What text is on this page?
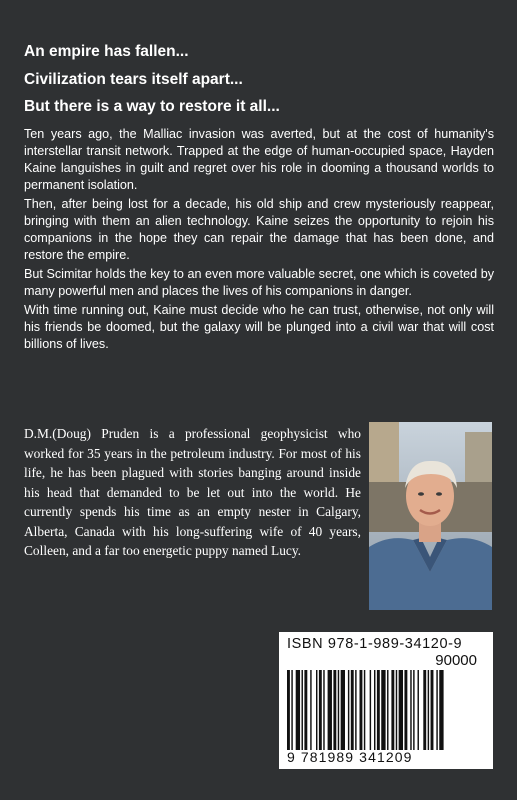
An empire has fallen...

Civilization tears itself apart...

But there is a way to restore it all...

Ten years ago, the Malliac invasion was averted, but at the cost of humanity's interstellar transit network. Trapped at the edge of human-occupied space, Hayden Kaine languishes in guilt and regret over his role in dooming a thousand worlds to permanent isolation.

Then, after being lost for a decade, his old ship and crew mysteriously reappear, bringing with them an alien technology. Kaine seizes the opportunity to rejoin his companions in the hope they can repair the damage that has been done, and restore the empire.

But Scimitar holds the key to an even more valuable secret, one which is coveted by many powerful men and places the lives of his companions in danger.

With time running out, Kaine must decide who he can trust, otherwise, not only will his friends be doomed, but the galaxy will be plunged into a civil war that will cost billions of lives.

D.M.(Doug) Pruden is a professional geophysicist who worked for 35 years in the petroleum industry. For most of his life, he has been plagued with stories banging around inside his head that demanded to be let out into the world. He currently spends his time as an empty nester in Calgary, Alberta, Canada with his long-suffering wife of 40 years, Colleen, and a far too energetic puppy named Lucy.

ISBN 978-1-989-34120-9
90000
9 781989 341209
